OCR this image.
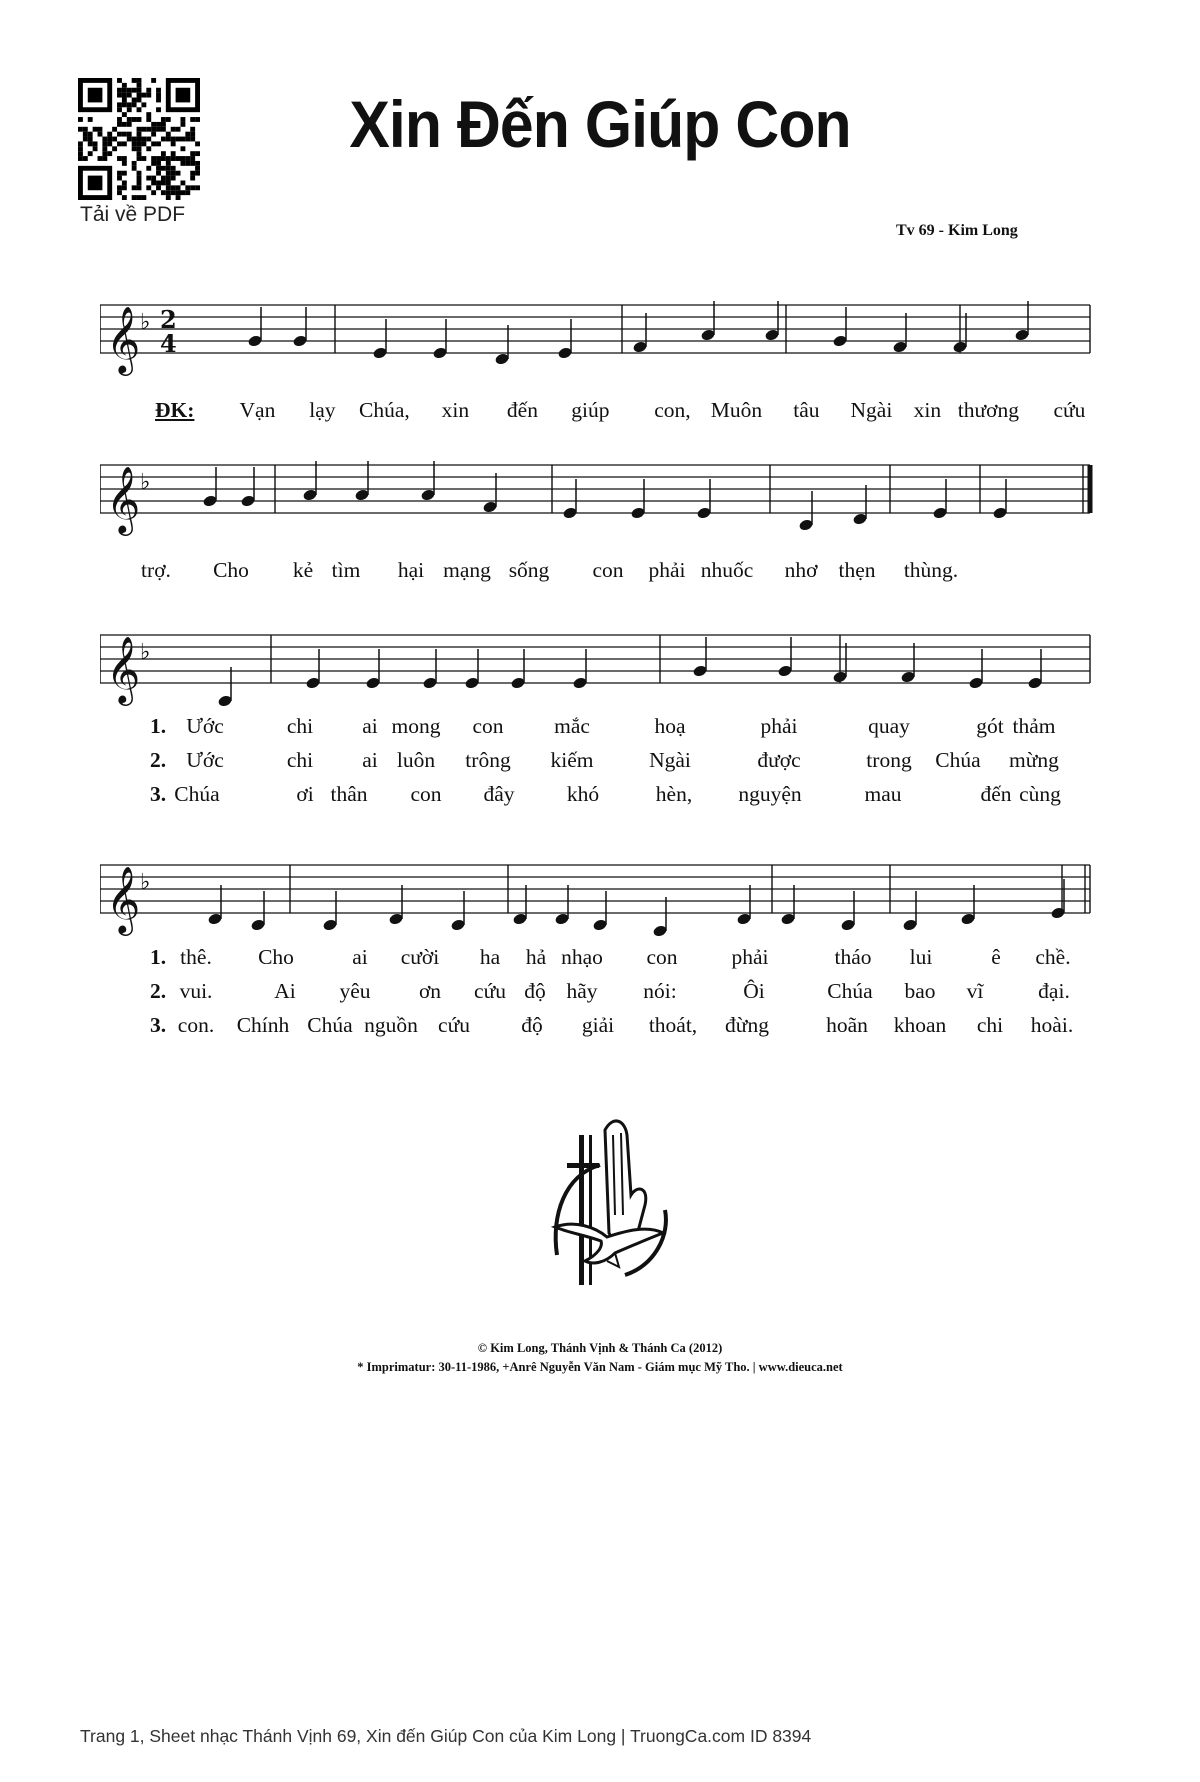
Tải về PDF
Xin Đến Giúp Con
Tv 69 - Kim Long
𝄞 ♭ 2
4
𝄞 ♭
𝄞 ♭
𝄞 ♭
ĐK: Vạn lạy Chúa, xin đến giúp con, Muôn tâu Ngài xin thương cứu
trợ. Cho kẻ tìm hại mạng sống con phải nhuốc nhơ thẹn thùng.
1. Ước	chi ai mong con mắc	hoạ	phải	quay	gót thảm
2. Ước	chi ai luôn trông kiếm	Ngài	được	trong Chúa mừng
3. Chúa	ơi thân con đây khó	hèn, nguyện	mau	đến cùng
1. thê. Cho	ai cười ha hả nhạo con	phải	tháo lui	ê chề.
2. vui.	Ai yêu ơn cứu độ hãy nói:	Ôi	Chúa bao vĩ	đại.
3. con. Chính Chúa nguồn cứu độ giải thoát, đừng	hoãn khoan chi hoài.
© Kim Long, Thánh Vịnh & Thánh Ca (2012)
* Imprimatur: 30-11-1986, +Anrê Nguyễn Văn Nam - Giám mục Mỹ Tho. | www.dieuca.net
Trang 1, Sheet nhạc Thánh Vịnh 69, Xin đến Giúp Con của Kim Long | TruongCa.com ID 8394
